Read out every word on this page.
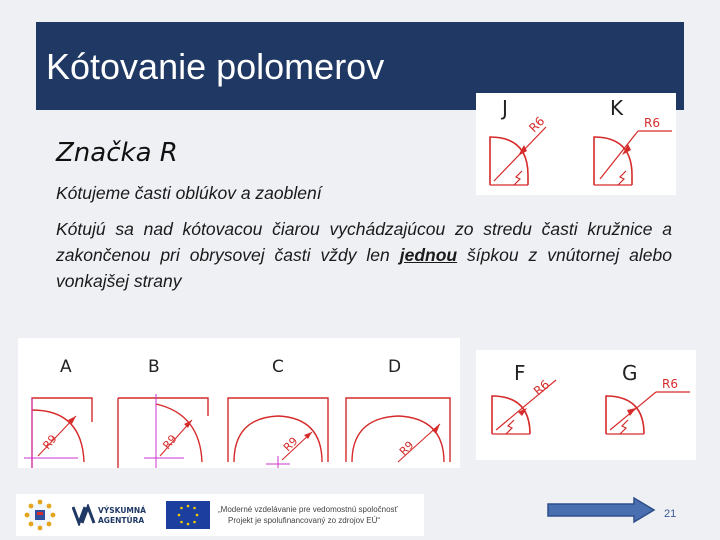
Kótovanie polomerov
Značka R
Kótujeme časti oblúkov a zaoblení
Kótujú sa nad kótovacou čiarou vychádzajúcou zo stredu časti kružnice a zakončenou pri obrysovej časti vždy len jednou šípkou z vnútornej alebo vonkajšej strany
J	K
R6	R6
A	B	C	D
R9	R9	R9	R9
F	G
R6	R6
VÝSKUMNÁ
AGENTÚRA
„Moderné vzdelávanie pre vedomostnú spoločnosť
Projekt je spolufinancovaný zo zdrojov EÚ“
21
